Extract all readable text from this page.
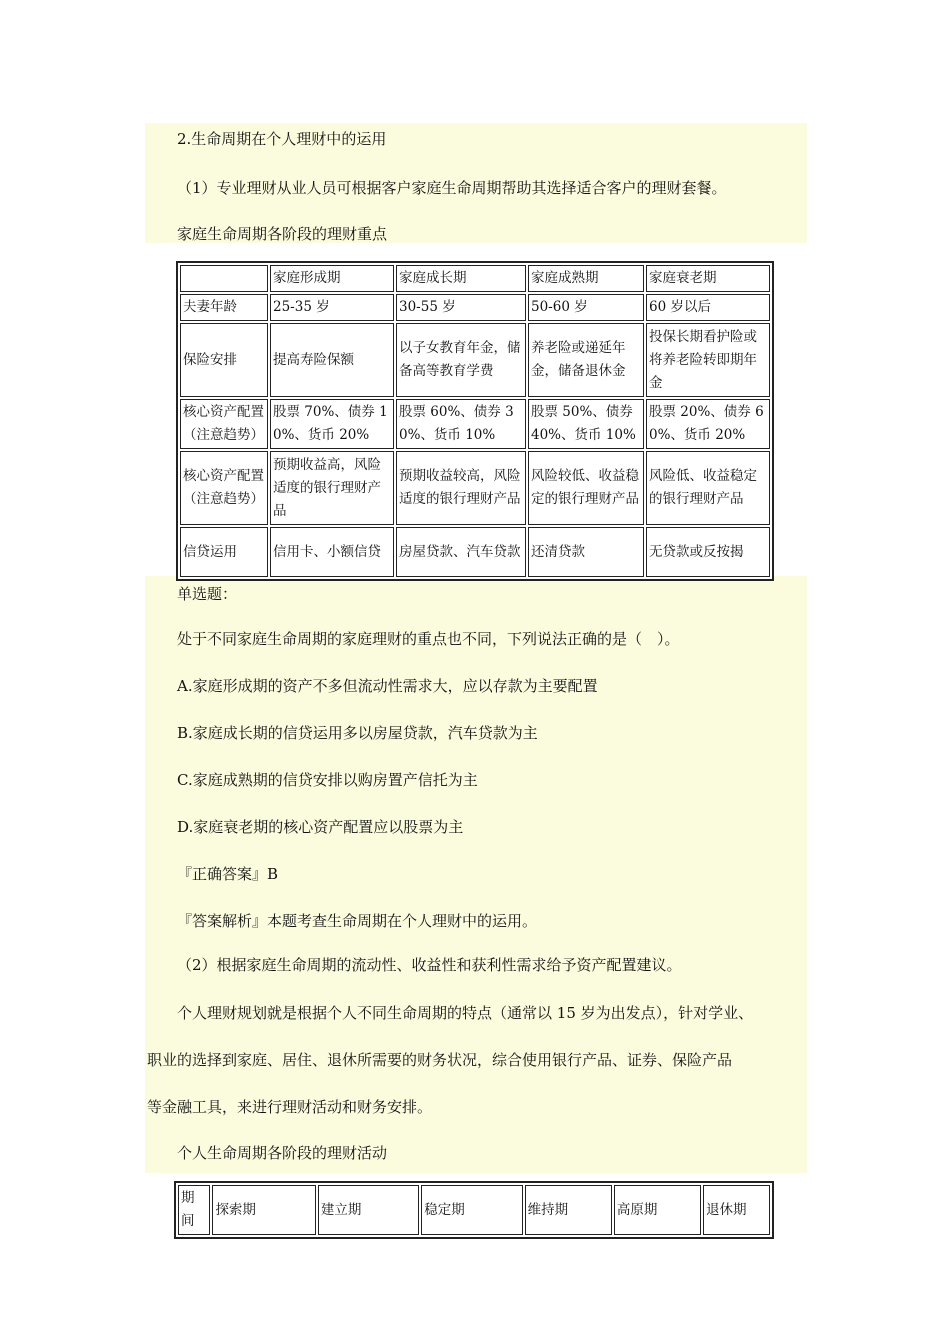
2.生命周期在个人理财中的运用
（1）专业理财从业人员可根据客户家庭生命周期帮助其选择适合客户的理财套餐。
家庭生命周期各阶段的理财重点
	家庭形成期	家庭成长期	家庭成熟期	家庭衰老期
夫妻年龄	25-35 岁	30-55 岁	50-60 岁	60 岁以后
保险安排	提高寿险保额	以子女教育年金，储备高等教育学费	养老险或递延年金，储备退休金	投保长期看护险或将养老险转即期年金
核心资产配置（注意趋势）	股票 70%、债券 10%、货币 20%	股票 60%、债券 30%、货币 10%	股票 50%、债券 40%、货币 10%	股票 20%、债券 60%、货币 20%
核心资产配置（注意趋势）	预期收益高，风险适度的银行理财产品	预期收益较高，风险适度的银行理财产品	风险较低、收益稳定的银行理财产品	风险低、收益稳定的银行理财产品
信贷运用	信用卡、小额信贷	房屋贷款、汽车贷款	还清贷款	无贷款或反按揭
单选题：
处于不同家庭生命周期的家庭理财的重点也不同，下列说法正确的是（　）。
A.家庭形成期的资产不多但流动性需求大，应以存款为主要配置
B.家庭成长期的信贷运用多以房屋贷款，汽车贷款为主
C.家庭成熟期的信贷安排以购房置产信托为主
D.家庭衰老期的核心资产配置应以股票为主
『正确答案』B
『答案解析』本题考查生命周期在个人理财中的运用。
（2）根据家庭生命周期的流动性、收益性和获利性需求给予资产配置建议。
个人理财规划就是根据个人不同生命周期的特点（通常以 15 岁为出发点），针对学业、
职业的选择到家庭、居住、退休所需要的财务状况，综合使用银行产品、证券、保险产品
等金融工具，来进行理财活动和财务安排。
个人生命周期各阶段的理财活动
期间	探索期	建立期	稳定期	维持期	高原期	退休期
